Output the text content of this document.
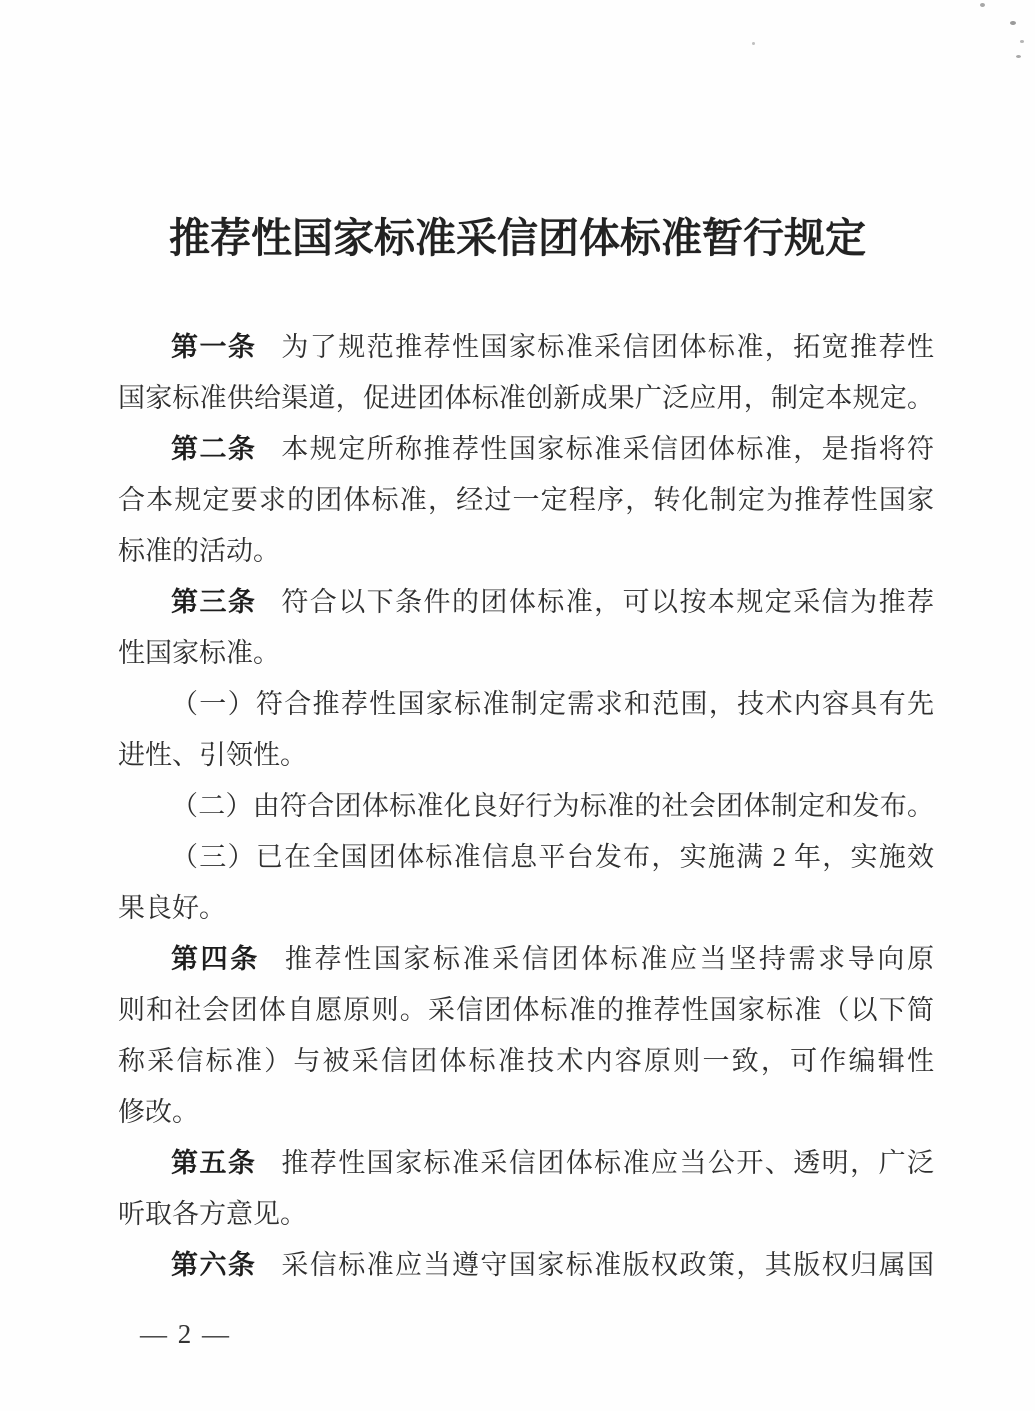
推荐性国家标准采信团体标准暂行规定
第一条 为了规范推荐性国家标准采信团体标准，拓宽推荐性
国家标准供给渠道，促进团体标准创新成果广泛应用，制定本规定。
第二条 本规定所称推荐性国家标准采信团体标准，是指将符
合本规定要求的团体标准，经过一定程序，转化制定为推荐性国家
标准的活动。
第三条 符合以下条件的团体标准，可以按本规定采信为推荐
性国家标准。
（一）符合推荐性国家标准制定需求和范围，技术内容具有先
进性、引领性。
（二）由符合团体标准化良好行为标准的社会团体制定和发布。
（三）已在全国团体标准信息平台发布，实施满 2 年，实施效
果良好。
第四条 推荐性国家标准采信团体标准应当坚持需求导向原
则和社会团体自愿原则。采信团体标准的推荐性国家标准（以下简
称采信标准）与被采信团体标准技术内容原则一致，可作编辑性
修改。
第五条 推荐性国家标准采信团体标准应当公开、透明，广泛
听取各方意见。
第六条 采信标准应当遵守国家标准版权政策，其版权归属国
— 2 —
